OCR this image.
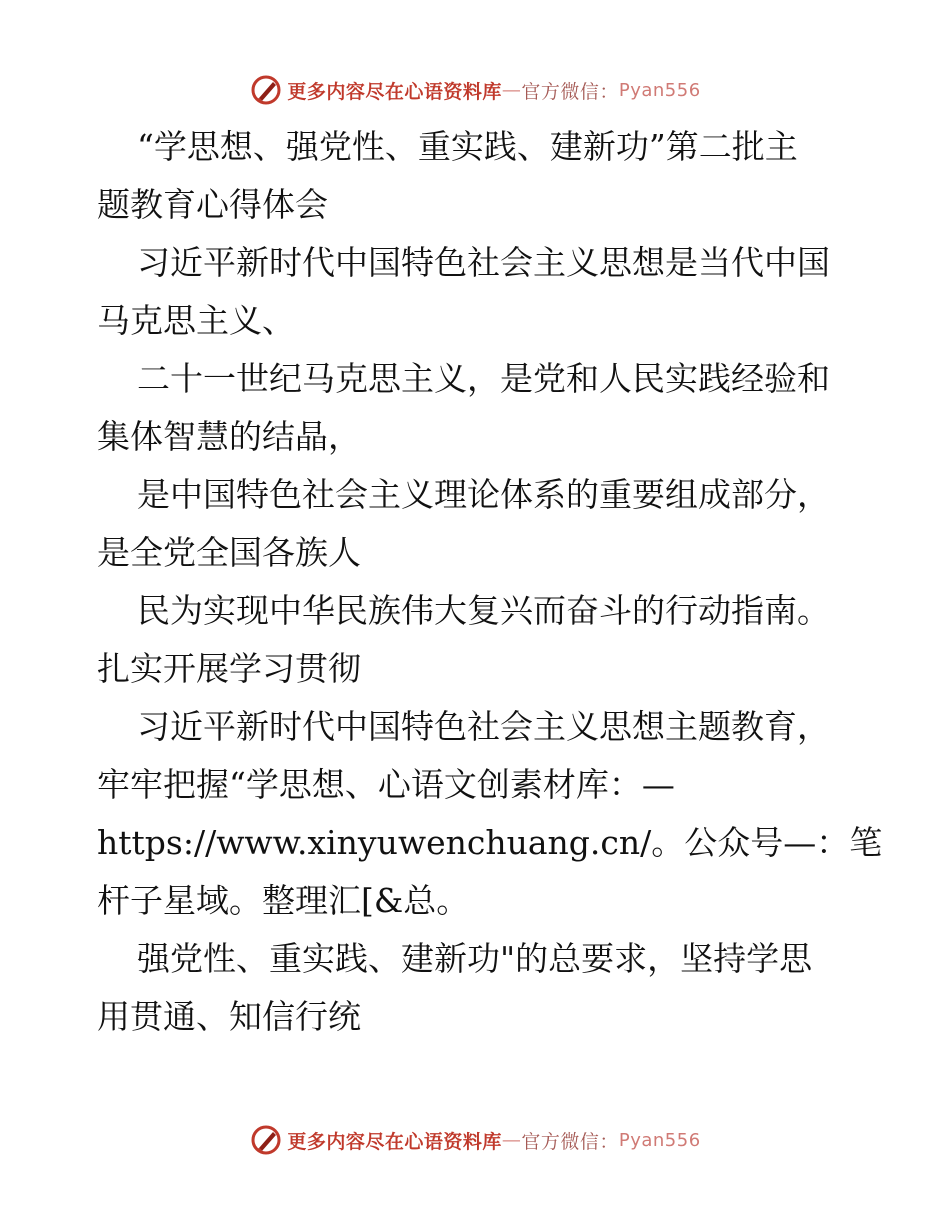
更多内容尽在心语资料库 — 官方微信： Pyan556

“学思想、强党性、重实践、建新功”第二批主

题教育心得体会

习近平新时代中国特色社会主义思想是当代中国

马克思主义、

二十一世纪马克思主义，是党和人民实践经验和

集体智慧的结晶，

是中国特色社会主义理论体系的重要组成部分，

是全党全国各族人

民为实现中华民族伟大复兴而奋斗的行动指南。

扎实开展学习贯彻

习近平新时代中国特色社会主义思想主题教育，

牢牢把握“学思想、心语文创素材库：—

https://www.xinyuwenchuang.cn/。公众号—：笔

杆子星域。整理汇[&总。

强党性、重实践、建新功"的总要求，坚持学思

用贯通、知信行统

更多内容尽在心语资料库 — 官方微信： Pyan556
